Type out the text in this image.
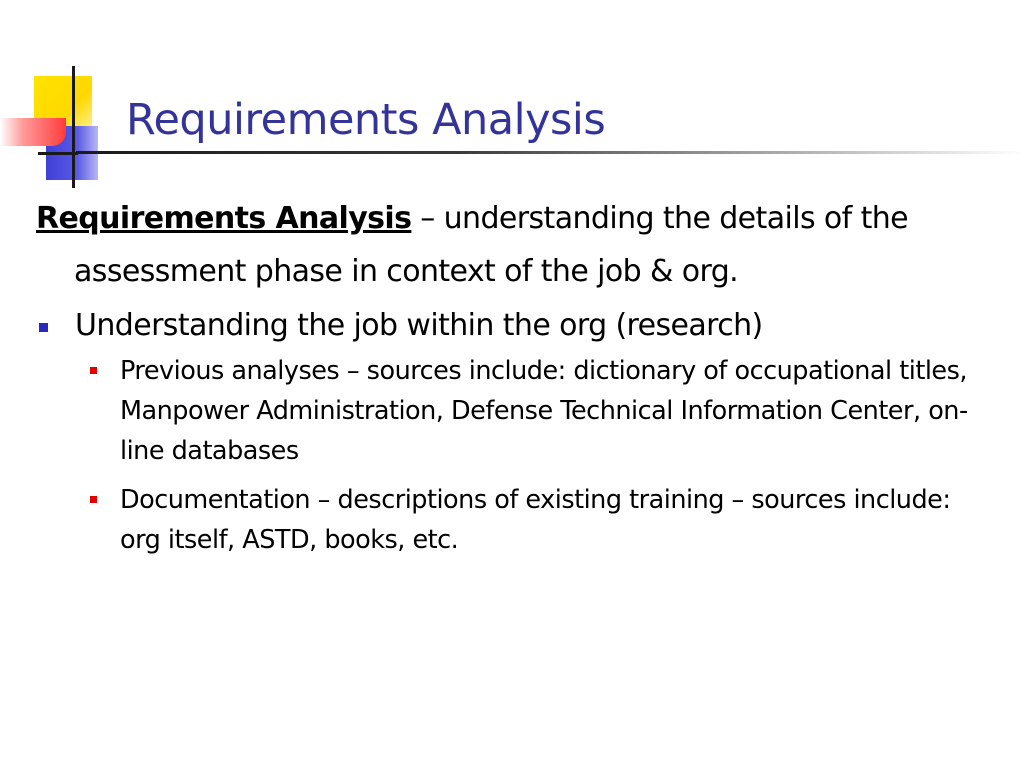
Requirements Analysis

Requirements Analysis – understanding the details of the assessment phase in context of the job & org.

Understanding the job within the org (research)
Previous analyses – sources include: dictionary of occupational titles, Manpower Administration, Defense Technical Information Center, on-line databases
Documentation – descriptions of existing training – sources include: org itself, ASTD, books, etc.
